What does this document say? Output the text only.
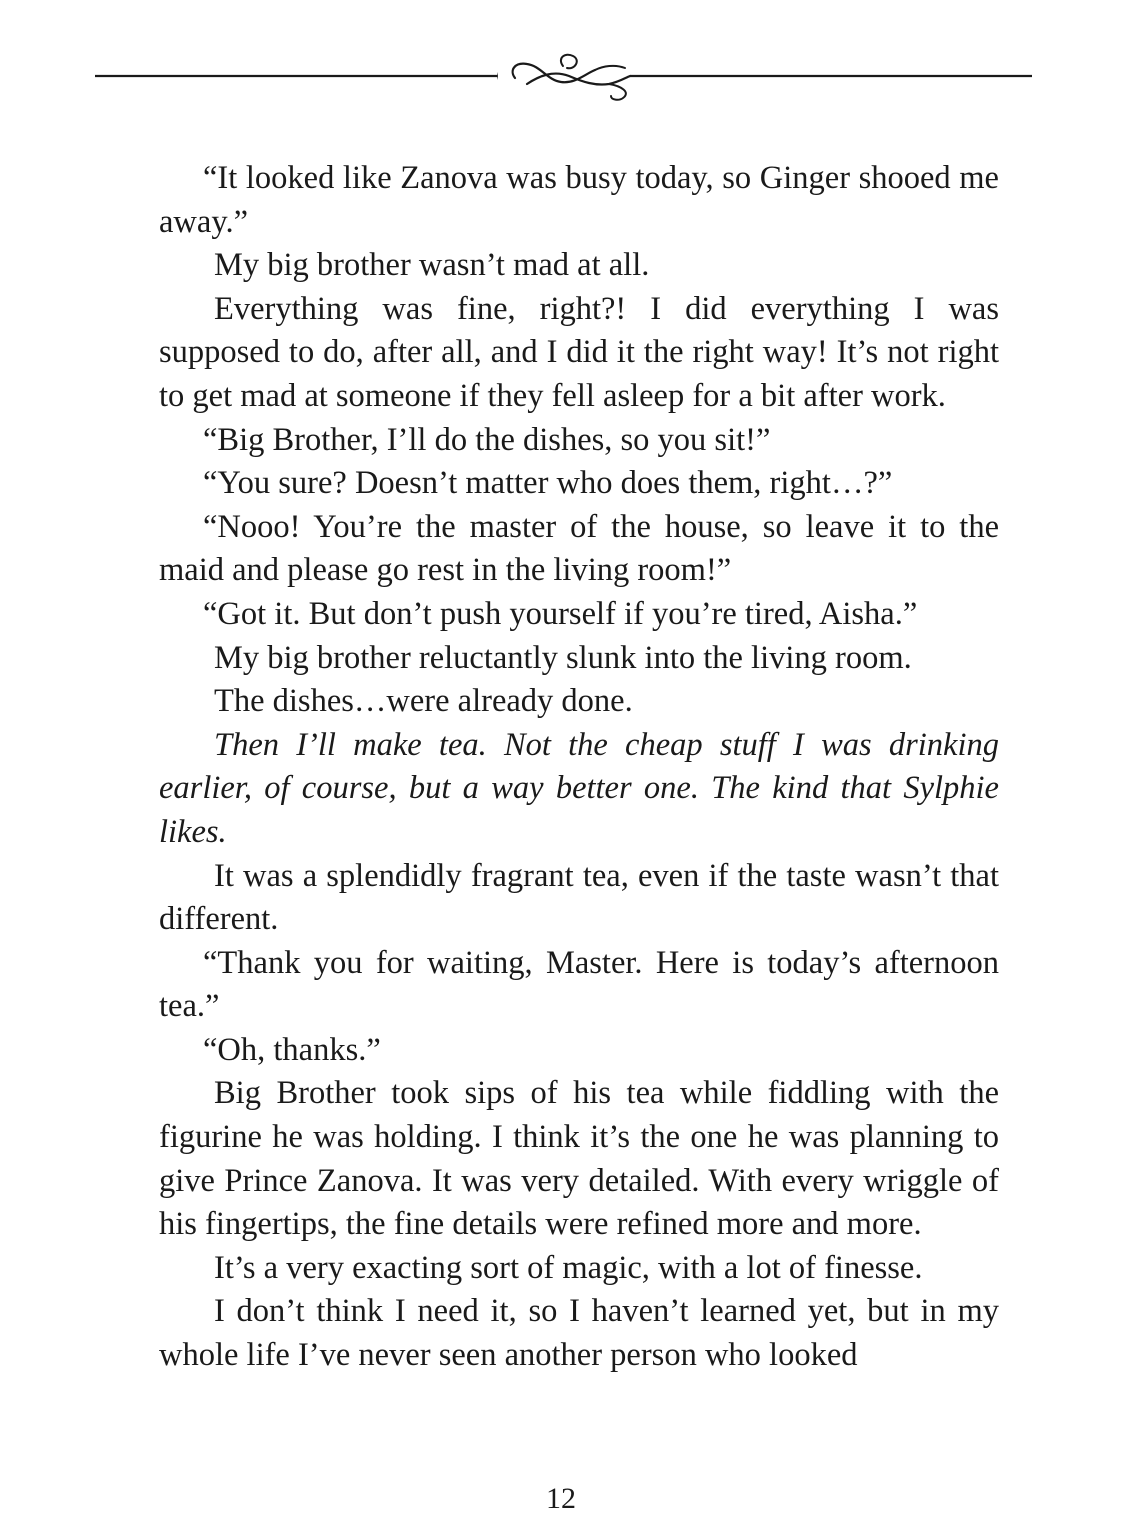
“It looked like Zanova was busy today, so Ginger shooed me away.”

My big brother wasn’t mad at all.

Everything was fine, right?! I did everything I was supposed to do, after all, and I did it the right way! It’s not right to get mad at someone if they fell asleep for a bit after work.

“Big Brother, I’ll do the dishes, so you sit!”

“You sure? Doesn’t matter who does them, right…?”

“Nooo! You’re the master of the house, so leave it to the maid and please go rest in the living room!”

“Got it. But don’t push yourself if you’re tired, Aisha.”

My big brother reluctantly slunk into the living room.

The dishes…were already done.

Then I’ll make tea. Not the cheap stuff I was drinking earlier, of course, but a way better one. The kind that Sylphie likes.

It was a splendidly fragrant tea, even if the taste wasn’t that different.

“Thank you for waiting, Master. Here is today’s afternoon tea.”

“Oh, thanks.”

Big Brother took sips of his tea while fiddling with the figurine he was holding. I think it’s the one he was planning to give Prince Zanova. It was very detailed. With every wriggle of his fingertips, the fine details were refined more and more.

It’s a very exacting sort of magic, with a lot of finesse.

I don’t think I need it, so I haven’t learned yet, but in my whole life I’ve never seen another person who looked

12
